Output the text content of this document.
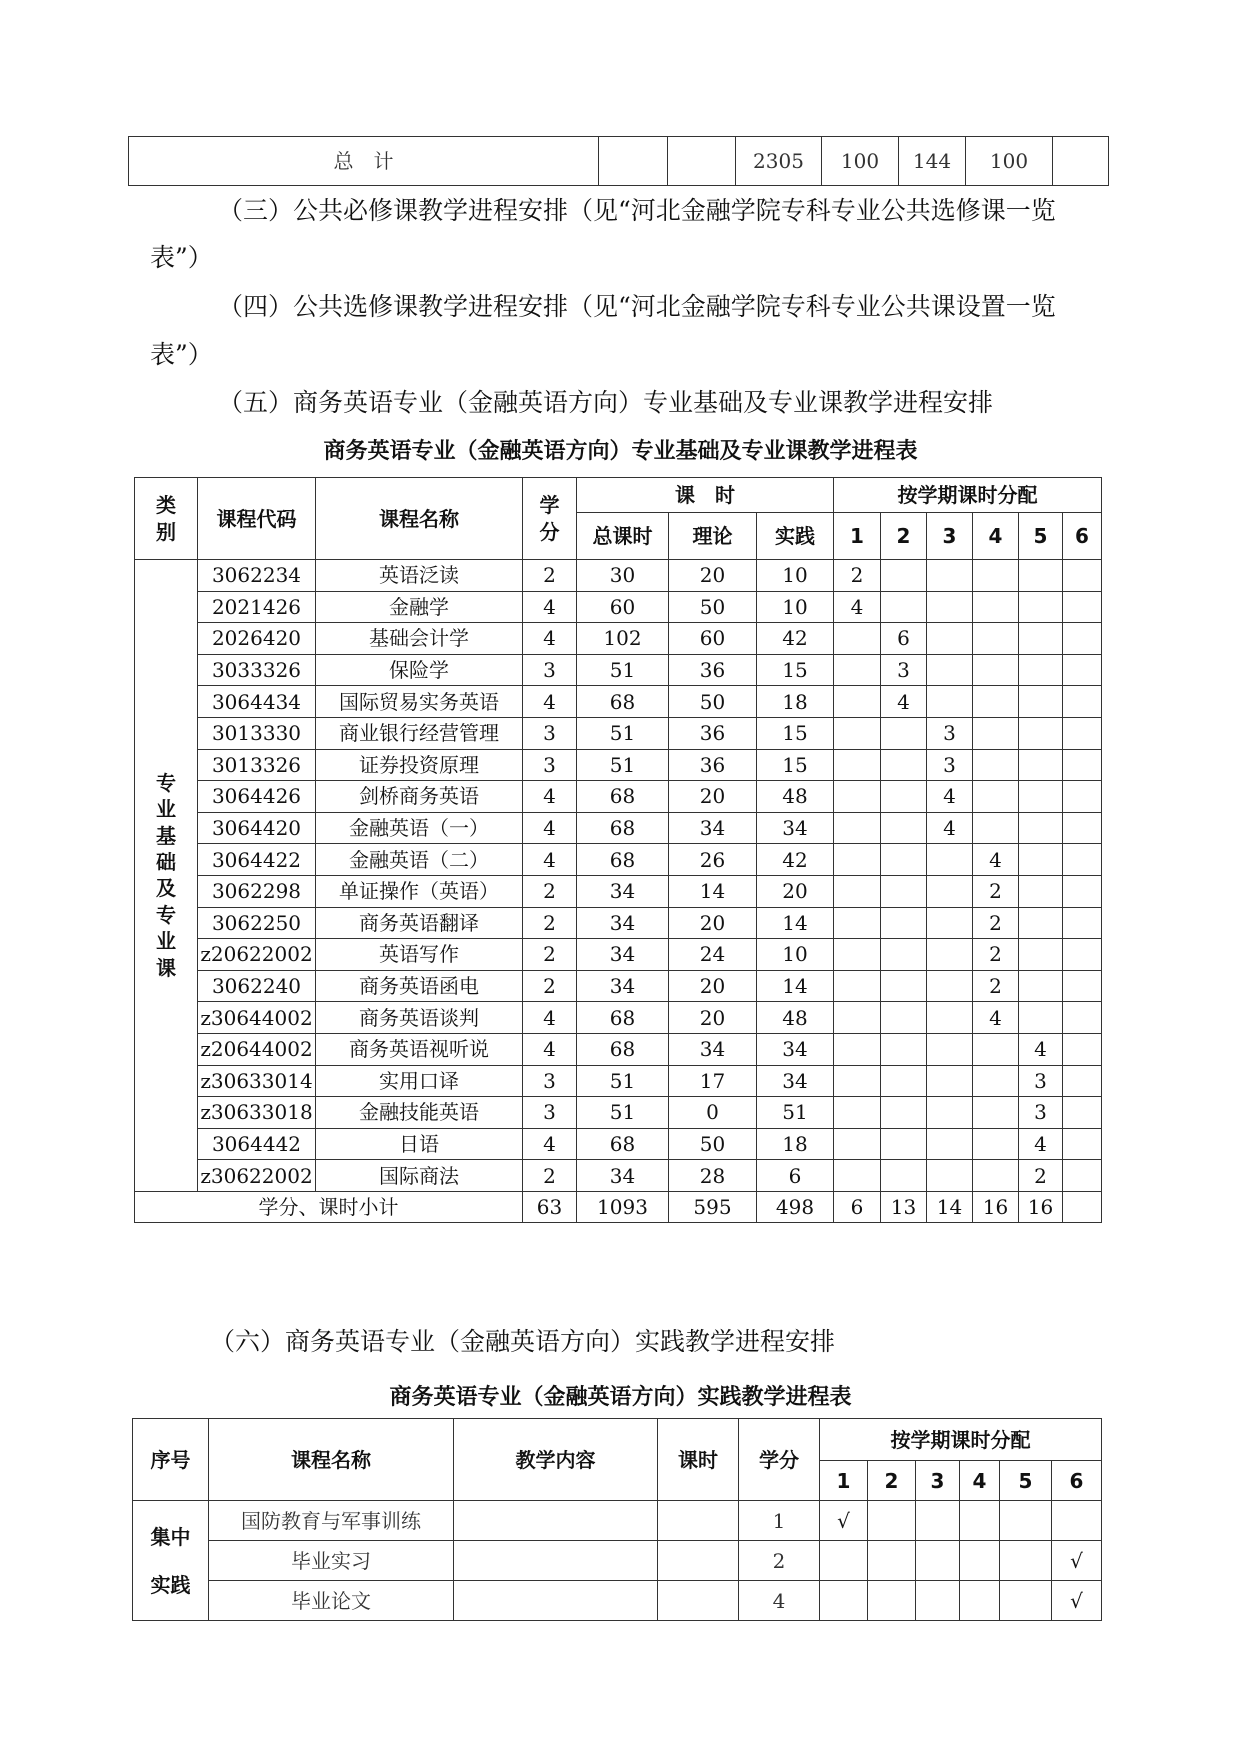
总　计			2305	100	144	100	
（三）公共必修课教学进程安排（见“河北金融学院专科专业公共选修课一览
表”）
（四）公共选修课教学进程安排（见“河北金融学院专科专业公共课设置一览
表”）
（五）商务英语专业（金融英语方向）专业基础及专业课教学进程安排
商务英语专业（金融英语方向）专业基础及专业课教学进程表
类别	课程代码	课程名称	学分	课　时			按学期课时分配					
				总课时	理论	实践	1	2	3	4	5	6
专业基础及专业课	3062234	英语泛读	2	30	20	10	2					
	2021426	金融学	4	60	50	10	4					
	2026420	基础会计学	4	102	60	42		6				
	3033326	保险学	3	51	36	15		3				
	3064434	国际贸易实务英语	4	68	50	18		4				
	3013330	商业银行经营管理	3	51	36	15			3			
	3013326	证券投资原理	3	51	36	15			3			
	3064426	剑桥商务英语	4	68	20	48			4			
	3064420	金融英语（一）	4	68	34	34			4			
	3064422	金融英语（二）	4	68	26	42				4		
	3062298	单证操作（英语）	2	34	14	20				2		
	3062250	商务英语翻译	2	34	20	14				2		
	z20622002	英语写作	2	34	24	10				2		
	3062240	商务英语函电	2	34	20	14				2		
	z30644002	商务英语谈判	4	68	20	48				4		
	z20644002	商务英语视听说	4	68	34	34					4	
	z30633014	实用口译	3	51	17	34					3	
	z30633018	金融技能英语	3	51	0	51					3	
	3064442	日语	4	68	50	18					4	
	z30622002	国际商法	2	34	28	6					2	
学分、课时小计			63	1093	595	498	6	13	14	16	16	
（六）商务英语专业（金融英语方向）实践教学进程安排
商务英语专业（金融英语方向）实践教学进程表
序号	课程名称	教学内容	课时	学分	按学期课时分配					
					1	2	3	4	5	6

集中
实践	国防教育与军事训练			1	√					
	毕业实习			2						√
	毕业论文			4						√
